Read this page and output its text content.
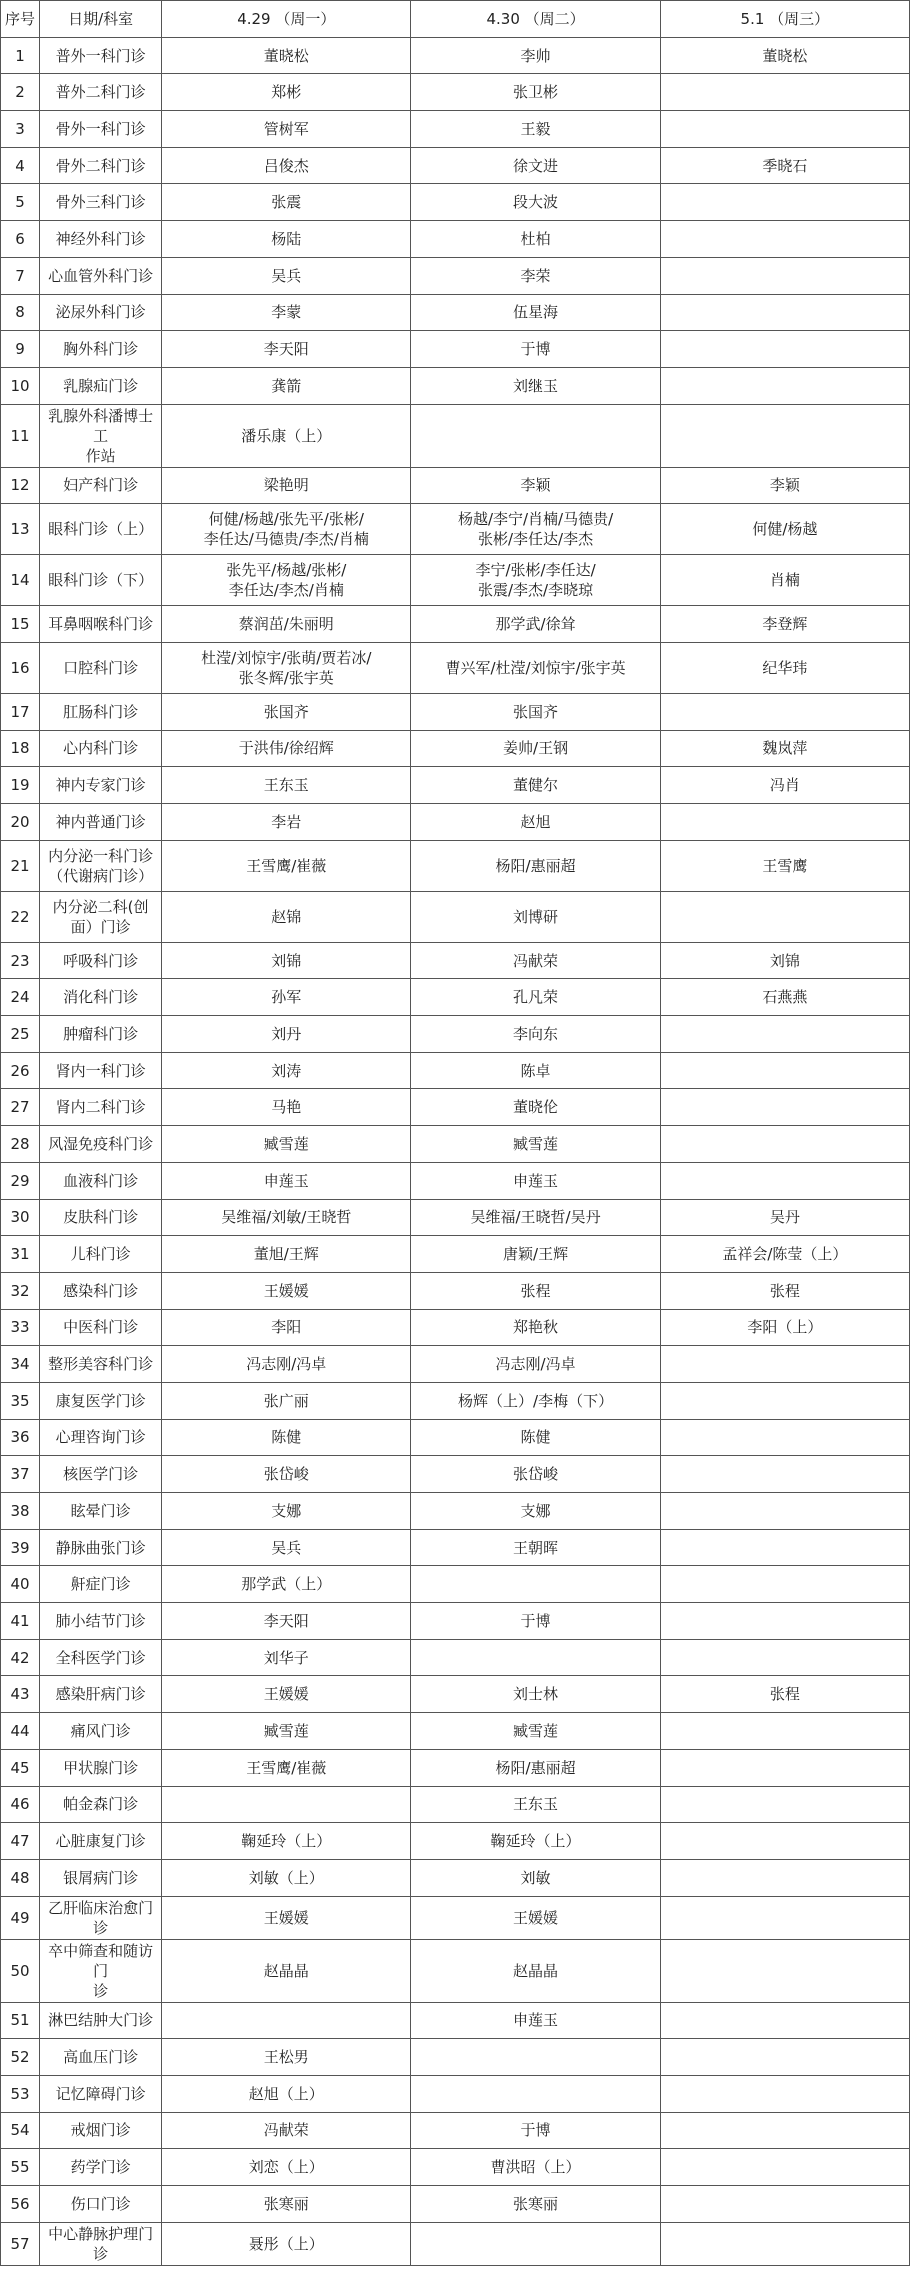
序号	日期/科室	4.29 （周一）	4.30 （周二）	5.1 （周三）
1	普外一科门诊	董晓松	李帅	董晓松
2	普外二科门诊	郑彬	张卫彬	
3	骨外一科门诊	管树军	王毅	
4	骨外二科门诊	吕俊杰	徐文进	季晓石
5	骨外三科门诊	张震	段大波	
6	神经外科门诊	杨陆	杜柏	
7	心血管外科门诊	吴兵	李荣	
8	泌尿外科门诊	李蒙	伍星海	
9	胸外科门诊	李天阳	于博	
10	乳腺疝门诊	龚箭	刘继玉	
11	乳腺外科潘博士工
作站	潘乐康（上）		
12	妇产科门诊	梁艳明	李颖	李颖
13	眼科门诊（上）	何健/杨越/张先平/张彬/
李任达/马德贵/李杰/肖楠	杨越/李宁/肖楠/马德贵/
张彬/李任达/李杰	何健/杨越
14	眼科门诊（下）	张先平/杨越/张彬/
李任达/李杰/肖楠	李宁/张彬/李任达/
张震/李杰/李晓琼	肖楠
15	耳鼻咽喉科门诊	蔡润茁/朱丽明	那学武/徐耸	李登辉
16	口腔科门诊	杜滢/刘惊宇/张萌/贾若冰/
张冬辉/张宇英	曹兴军/杜滢/刘惊宇/张宇英	纪华玮
17	肛肠科门诊	张国齐	张国齐	
18	心内科门诊	于洪伟/徐绍辉	姜帅/王钢	魏岚萍
19	神内专家门诊	王东玉	董健尔	冯肖
20	神内普通门诊	李岩	赵旭	
21	内分泌一科门诊
（代谢病门诊）	王雪鹰/崔薇	杨阳/惠丽超	王雪鹰
22	内分泌二科(创
面）门诊	赵锦	刘博研	
23	呼吸科门诊	刘锦	冯献荣	刘锦
24	消化科门诊	孙军	孔凡荣	石燕燕
25	肿瘤科门诊	刘丹	李向东	
26	肾内一科门诊	刘涛	陈卓	
27	肾内二科门诊	马艳	董晓伦	
28	风湿免疫科门诊	臧雪莲	臧雪莲	
29	血液科门诊	申莲玉	申莲玉	
30	皮肤科门诊	吴维福/刘敏/王晓哲	吴维福/王晓哲/吴丹	吴丹
31	儿科门诊	董旭/王辉	唐颖/王辉	孟祥会/陈莹（上）
32	感染科门诊	王媛媛	张程	张程
33	中医科门诊	李阳	郑艳秋	李阳（上）
34	整形美容科门诊	冯志刚/冯卓	冯志刚/冯卓	
35	康复医学门诊	张广丽	杨辉（上）/李梅（下）	
36	心理咨询门诊	陈健	陈健	
37	核医学门诊	张岱峻	张岱峻	
38	眩晕门诊	支娜	支娜	
39	静脉曲张门诊	吴兵	王朝晖	
40	鼾症门诊	那学武（上）		
41	肺小结节门诊	李天阳	于博	
42	全科医学门诊	刘华子		
43	感染肝病门诊	王媛媛	刘士林	张程
44	痛风门诊	臧雪莲	臧雪莲	
45	甲状腺门诊	王雪鹰/崔薇	杨阳/惠丽超	
46	帕金森门诊		王东玉	
47	心脏康复门诊	鞠延玲（上）	鞠延玲（上）	
48	银屑病门诊	刘敏（上）	刘敏	
49	乙肝临床治愈门诊	王媛媛	王媛媛	
50	卒中筛查和随访门
诊	赵晶晶	赵晶晶	
51	淋巴结肿大门诊		申莲玉	
52	高血压门诊	王松男		
53	记忆障碍门诊	赵旭（上）		
54	戒烟门诊	冯献荣	于博	
55	药学门诊	刘恋（上）	曹洪昭（上）	
56	伤口门诊	张寒丽	张寒丽	
57	中心静脉护理门诊	聂彤（上）		
